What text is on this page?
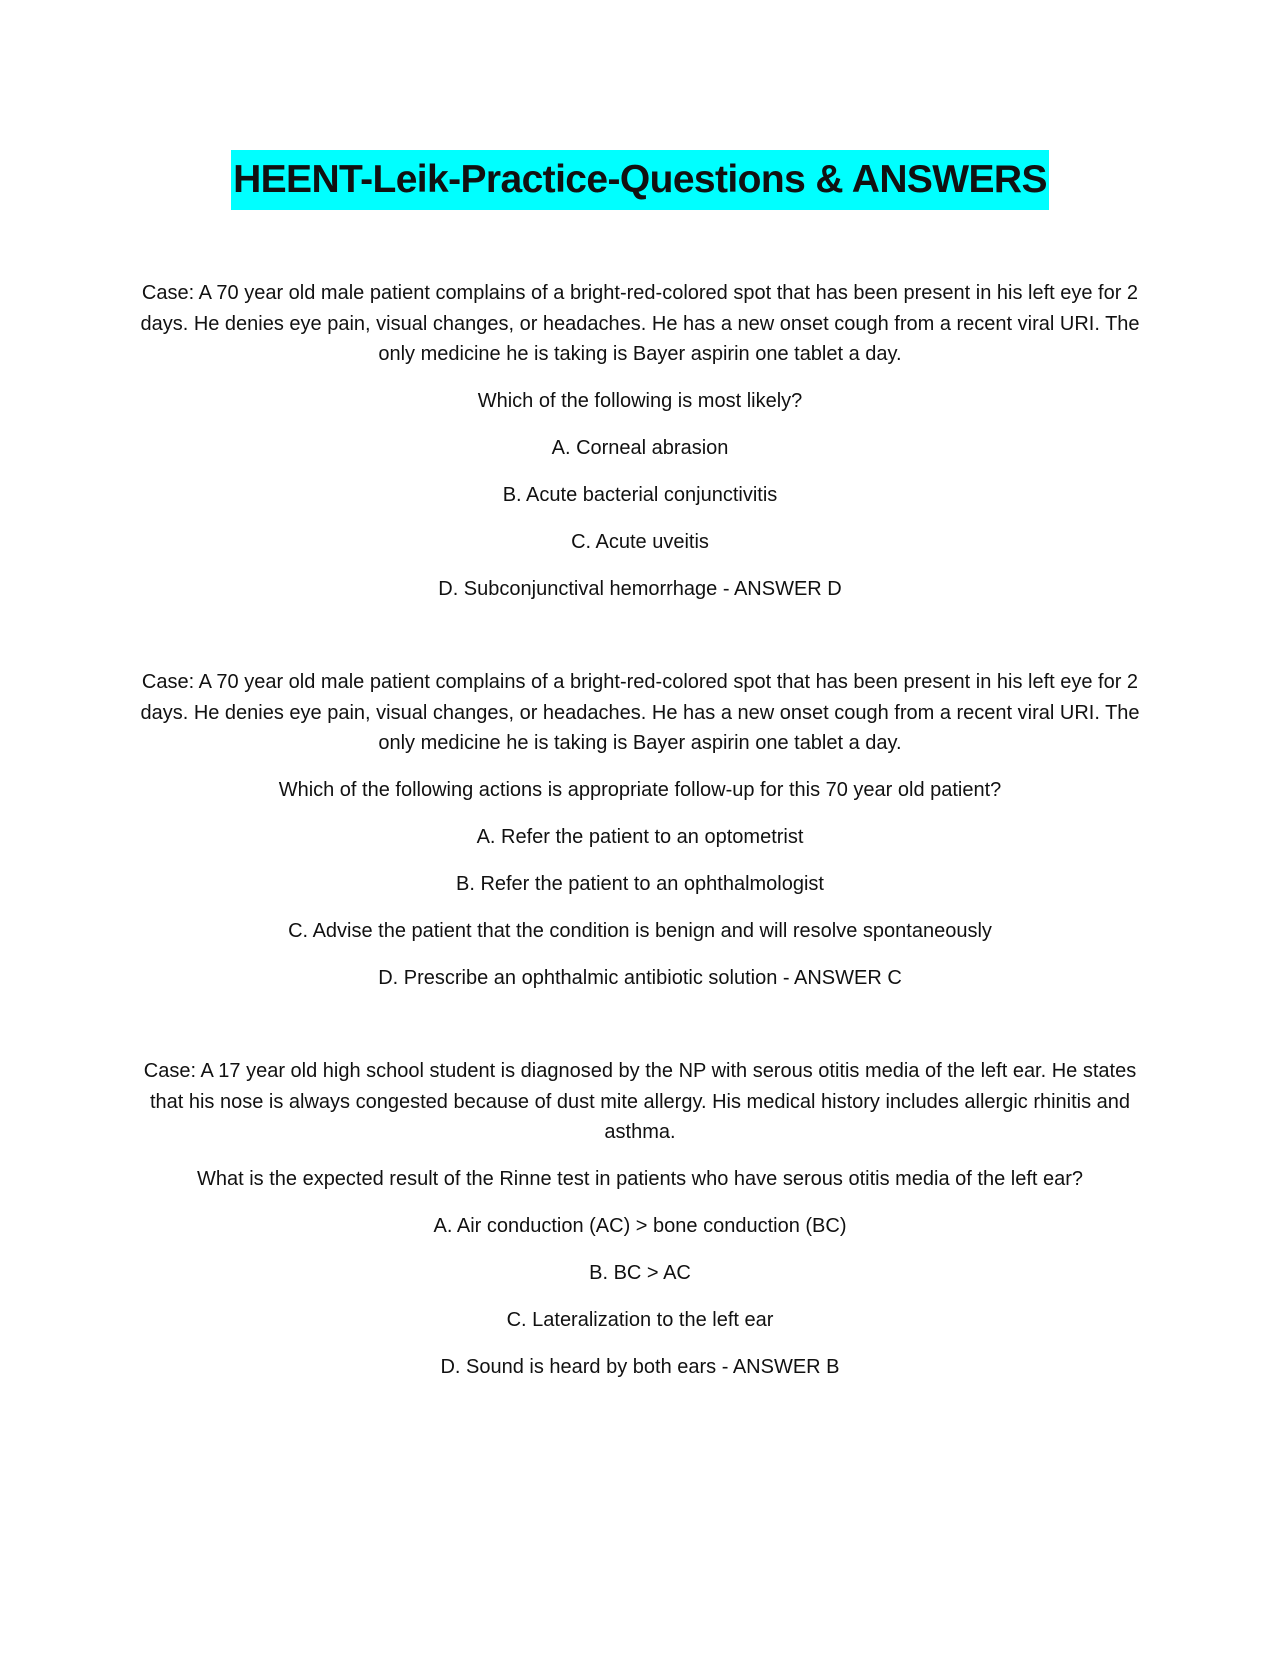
HEENT-Leik-Practice-Questions & ANSWERS

Case: A 70 year old male patient complains of a bright-red-colored spot that has been present in his left eye for 2 days. He denies eye pain, visual changes, or headaches. He has a new onset cough from a recent viral URI. The only medicine he is taking is Bayer aspirin one tablet a day.

Which of the following is most likely?

A. Corneal abrasion

B. Acute bacterial conjunctivitis

C. Acute uveitis

D. Subconjunctival hemorrhage - ANSWER D

Case: A 70 year old male patient complains of a bright-red-colored spot that has been present in his left eye for 2 days. He denies eye pain, visual changes, or headaches. He has a new onset cough from a recent viral URI. The only medicine he is taking is Bayer aspirin one tablet a day.

Which of the following actions is appropriate follow-up for this 70 year old patient?

A. Refer the patient to an optometrist

B. Refer the patient to an ophthalmologist

C. Advise the patient that the condition is benign and will resolve spontaneously

D. Prescribe an ophthalmic antibiotic solution - ANSWER C

Case: A 17 year old high school student is diagnosed by the NP with serous otitis media of the left ear. He states that his nose is always congested because of dust mite allergy. His medical history includes allergic rhinitis and asthma.

What is the expected result of the Rinne test in patients who have serous otitis media of the left ear?

A. Air conduction (AC) > bone conduction (BC)

B. BC > AC

C. Lateralization to the left ear

D. Sound is heard by both ears - ANSWER B
